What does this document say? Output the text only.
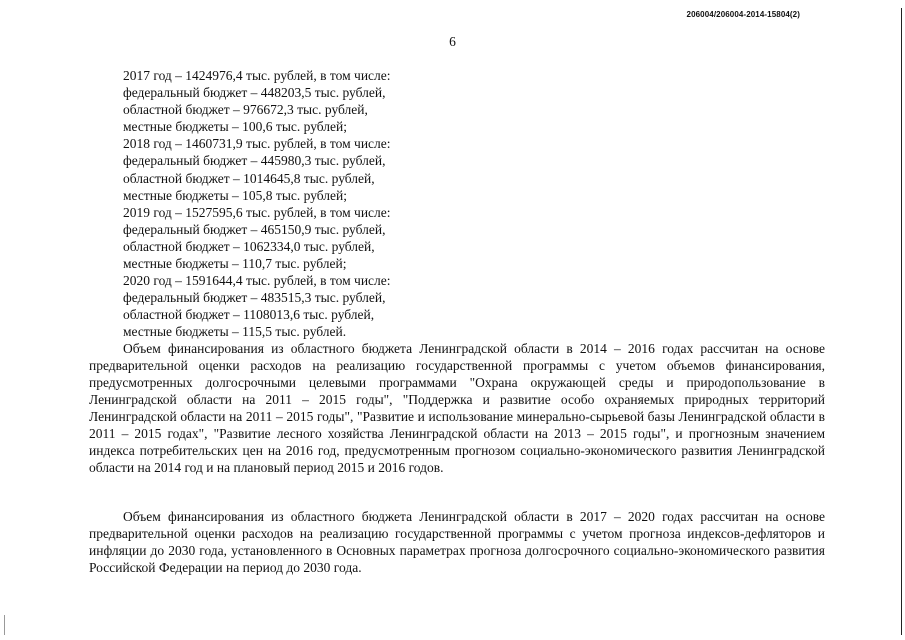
206004/206004-2014-15804(2)
6
2017 год – 1424976,4 тыс. рублей, в том числе:
федеральный бюджет – 448203,5 тыс. рублей,
областной бюджет – 976672,3 тыс. рублей,
местные бюджеты – 100,6 тыс. рублей;
2018 год – 1460731,9 тыс. рублей, в том числе:
федеральный бюджет – 445980,3 тыс. рублей,
областной бюджет – 1014645,8 тыс. рублей,
местные бюджеты – 105,8 тыс. рублей;
2019 год – 1527595,6 тыс. рублей, в том числе:
федеральный бюджет – 465150,9 тыс. рублей,
областной бюджет – 1062334,0 тыс. рублей,
местные бюджеты – 110,7 тыс. рублей;
2020 год – 1591644,4 тыс. рублей, в том числе:
федеральный бюджет – 483515,3 тыс. рублей,
областной бюджет – 1108013,6 тыс. рублей,
местные бюджеты – 115,5 тыс. рублей.

Объем финансирования из областного бюджета Ленинградской области в 2014 – 2016 годах рассчитан на основе предварительной оценки расходов на реализацию государственной программы с учетом объемов финансирования, предусмотренных долгосрочными целевыми программами "Охрана окружающей среды и природопользование в Ленинградской области на 2011 – 2015 годы", "Поддержка и развитие особо охраняемых природных территорий Ленинградской области на 2011 – 2015 годы", "Развитие и использование минерально-сырьевой базы Ленинградской области в 2011 – 2015 годах", "Развитие лесного хозяйства Ленинградской области на 2013 – 2015 годы", и прогнозным значением индекса потребительских цен на 2016 год, предусмотренным прогнозом социально-экономического развития Ленинградской области на 2014 год и на плановый период 2015 и 2016 годов.

Объем финансирования из областного бюджета Ленинградской области в 2017 – 2020 годах рассчитан на основе предварительной оценки расходов на реализацию государственной программы с учетом прогноза индексов-дефляторов и инфляции до 2030 года, установленного в Основных параметрах прогноза долгосрочного социально-экономического развития Российской Федерации на период до 2030 года.
